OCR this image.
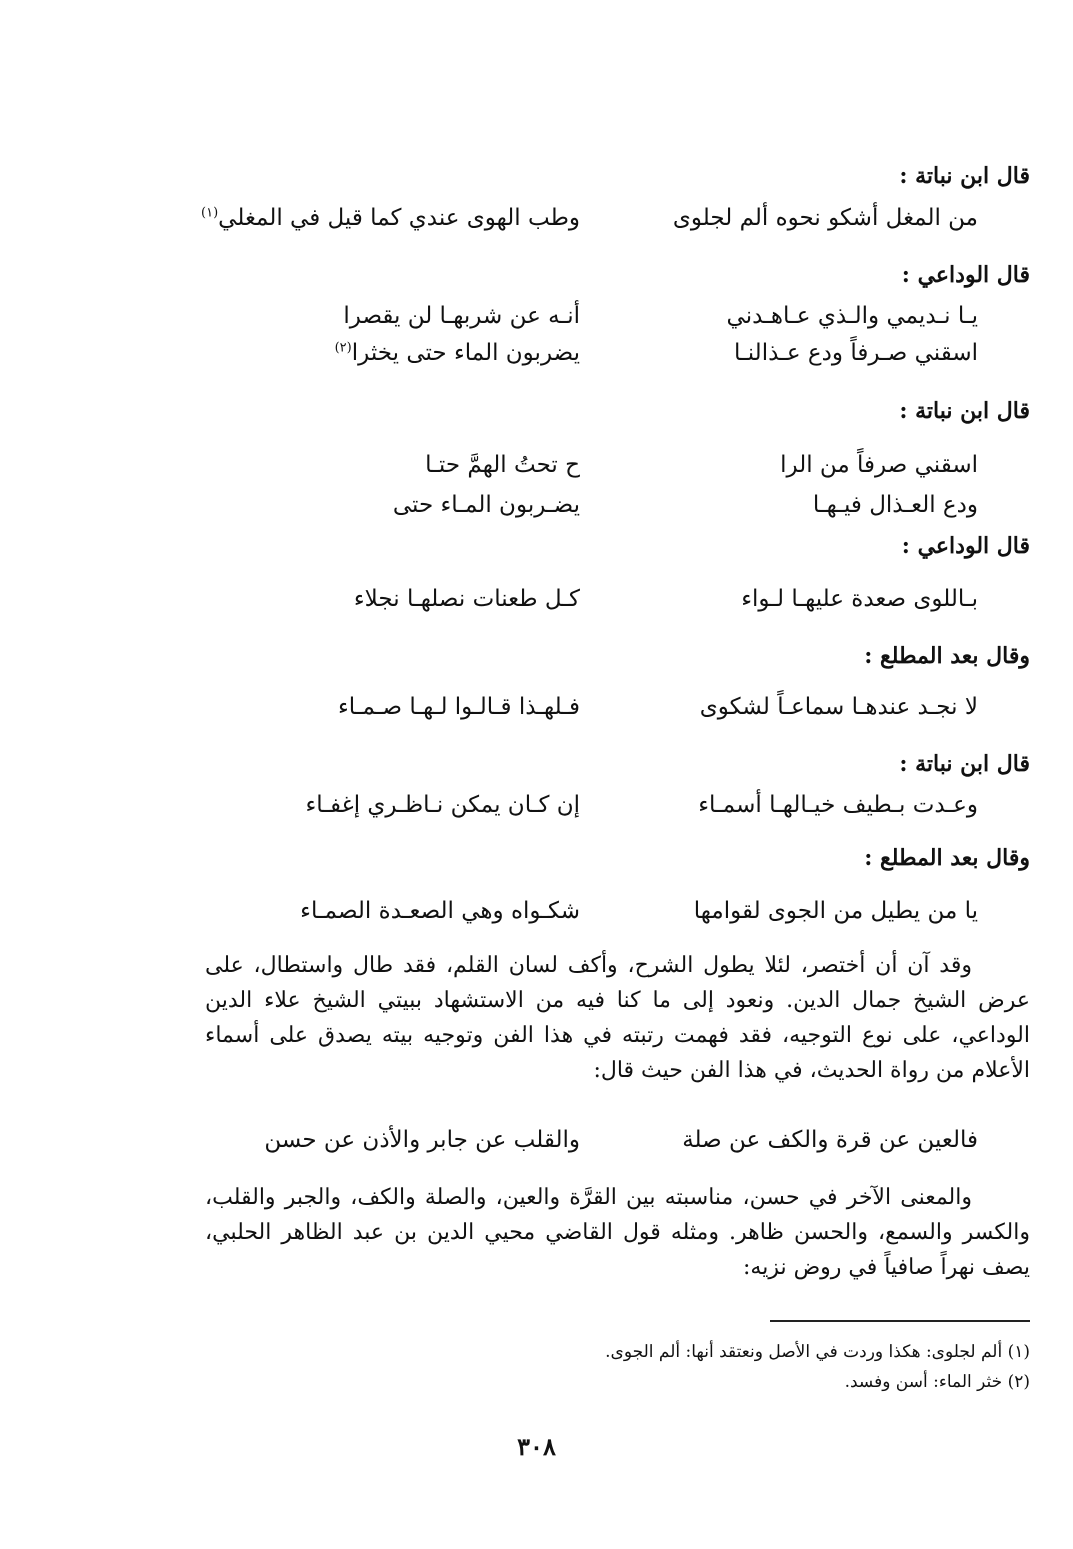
قال ابن نباتة :
من المغل أشكو نحوه ألم لجلوى
وطب الهوى عندي كما قيل في المغلي$^{(١)}$
قال الوداعي :
يـا نـديمي والـذي عـاهـدني
أنـه عن شربهـا لن يقصرا
اسقني صـرفاً ودع عـذالنـا
يضربون الماء حتى يخثرا$^{(٢)}$
قال ابن نباتة :
اسقني صرفاً من الرا
ح تحتُ الهمَّ حتـا
ودع العـذال فيـهـا
يضـربون المـاء حتى
قال الوداعي :
بـاللوى صعدة عليهـا لـواء
كـل طعنات نصلهـا نجلاء
وقال بعد المطلع :
لا نجـد عندهـا سماعـاً لشكوى
فـلهـذا قـالـوا لـهـا صـمـاء
قال ابن نباتة :
وعـدت بـطيف خيـالهـا أسمـاء
إن كـان يمكن نـاظـري إغفـاء
وقال بعد المطلع :
يا من يطيل من الجوى لقوامها
شكـواه وهي الصعـدة الصمـاء

وقد آن أن أختصر، لئلا يطول الشرح، وأكف لسان القلم، فقد طال واستطال، على عرض الشيخ جمال الدين. ونعود إلى ما كنا فيه من الاستشهاد ببيتي الشيخ علاء الدين الوداعي، على نوع التوجيه، فقد فهمت رتبته في هذا الفن وتوجيه بيته يصدق على أسماء الأعلام من رواة الحديث، في هذا الفن حيث قال:

فالعين عن قرة والكف عن صلة
والقلب عن جابر والأذن عن حسن

والمعنى الآخر في حسن، مناسبته بين القرَّة والعين، والصلة والكف، والجبر والقلب، والكسر والسمع، والحسن ظاهر. ومثله قول القاضي محيي الدين بن عبد الظاهر الحلبي، يصف نهراً صافياً في روض نزيه:

(١) ألم لجلوى: هكذا وردت في الأصل ونعتقد أنها: ألم الجوى.
(٢) خثر الماء: أسن وفسد.
٣٠٨
